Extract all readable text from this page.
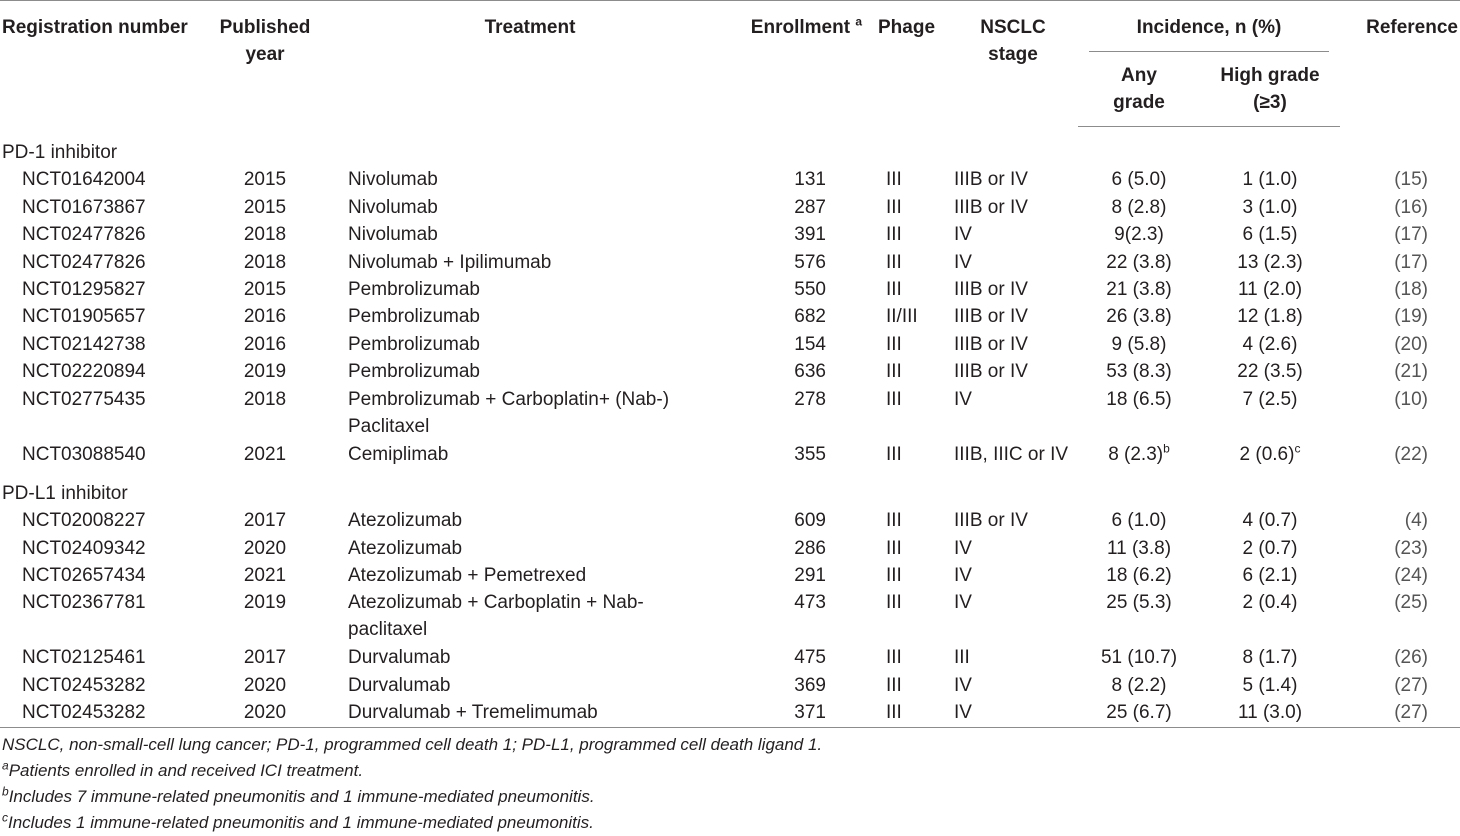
Registration number	Published year	Treatment	Enrollment $^a$	Phage	NSCLC stage	Incidence, n (%)		Reference
						Any grade	High grade (≥3)	
PD-1 inhibitor								
NCT01642004	2015	Nivolumab	131	III	IIIB or IV	6 (5.0)	1 (1.0)	(15)
NCT01673867	2015	Nivolumab	287	III	IIIB or IV	8 (2.8)	3 (1.0)	(16)
NCT02477826	2018	Nivolumab	391	III	IV	9(2.3)	6 (1.5)	(17)
NCT02477826	2018	Nivolumab + Ipilimumab	576	III	IV	22 (3.8)	13 (2.3)	(17)
NCT01295827	2015	Pembrolizumab	550	III	IIIB or IV	21 (3.8)	11 (2.0)	(18)
NCT01905657	2016	Pembrolizumab	682	II/III	IIIB or IV	26 (3.8)	12 (1.8)	(19)
NCT02142738	2016	Pembrolizumab	154	III	IIIB or IV	9 (5.8)	4 (2.6)	(20)
NCT02220894	2019	Pembrolizumab	636	III	IIIB or IV	53 (8.3)	22 (3.5)	(21)
NCT02775435	2018	Pembrolizumab + Carboplatin+ (Nab-) Paclitaxel	278	III	IV	18 (6.5)	7 (2.5)	(10)
NCT03088540	2021	Cemiplimab	355	III	IIIB, IIIC or IV	8 $(2.3)^b$	2 $(0.6)^c$	(22)
PD-L1 inhibitor								
NCT02008227	2017	Atezolizumab	609	III	IIIB or IV	6 (1.0)	4 (0.7)	(4)
NCT02409342	2020	Atezolizumab	286	III	IV	11 (3.8)	2 (0.7)	(23)
NCT02657434	2021	Atezolizumab + Pemetrexed	291	III	IV	18 (6.2)	6 (2.1)	(24)
NCT02367781	2019	Atezolizumab + Carboplatin + Nab-paclitaxel	473	III	IV	25 (5.3)	2 (0.4)	(25)
NCT02125461	2017	Durvalumab	475	III	III	51 (10.7)	8 (1.7)	(26)
NCT02453282	2020	Durvalumab	369	III	IV	8 (2.2)	5 (1.4)	(27)
NCT02453282	2020	Durvalumab + Tremelimumab	371	III	IV	25 (6.7)	11 (3.0)	(27)
NSCLC, non-small-cell lung cancer; PD-1, programmed cell death 1; PD-L1, programmed cell death ligand 1.
$^a$Patients enrolled in and received ICI treatment.
$^b$Includes 7 immune-related pneumonitis and 1 immune-mediated pneumonitis.
$^c$Includes 1 immune-related pneumonitis and 1 immune-mediated pneumonitis.
